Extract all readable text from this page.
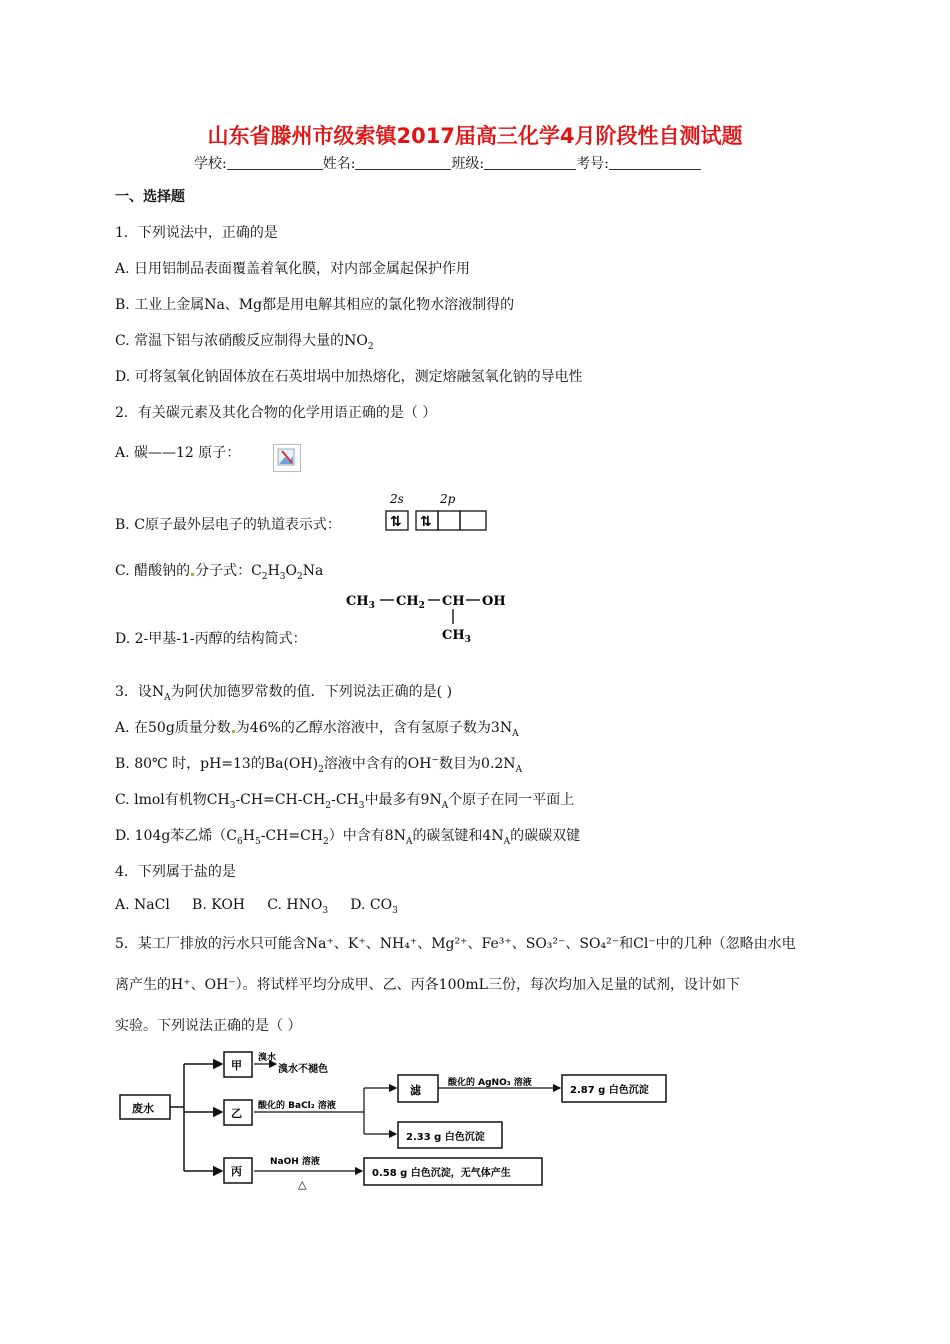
山东省滕州市级索镇2017届高三化学4月阶段性自测试题
学校:	姓名:	班级:	考号:
一、选择题
1．下列说法中，正确的是
A. 日用铝制品表面覆盖着氧化膜，对内部金属起保护作用
B. 工业上金属Na、Mg都是用电解其相应的氯化物水溶液制得的
C. 常温下铝与浓硝酸反应制得大量的$NO_2$
D. 可将氢氧化钠固体放在石英坩埚中加热熔化，测定熔融氢氧化钠的导电性
2．有关碳元素及其化合物的化学用语正确的是（ ）
A. 碳——12 原子：
B. C原子最外层电子的轨道表示式：
2s	2p
⇅ ⇅
C. 醋酸钠的 分子式：$C_2H_3O_2Na$
$CH_3$ $CH_2$ CH OH
$CH_3$
D. 2-甲基-1-丙醇的结构简式：
3．设$N_A$为阿伏加德罗常数的值．下列说法正确的是( )
A. 在50g质量分数 为46%的乙醇水溶液中，含有氢原子数为$3N_A$
B. 80℃ 时，pH=13的$Ba(OH)_2$溶液中含有的OH−数目为$0.2N_A$
C. lmol有机物$CH_3-CH=CH-CH_2-CH_3$中最多有$9N_A$个原子在同一平面上
D. 104g苯乙烯$(C_6H_5-CH=CH_2)$中含有$8N_A$的碳氢键和$4N_A$的碳碳双键
4．下列属于盐的是
A. NaCl     B. KOH     C. $HNO_3$     D. $CO_3$
5．某工厂排放的污水只可能含Na⁺、K⁺、NH₄⁺、Mg²⁺、Fe³⁺、SO₃²⁻、SO₄²⁻和Cl⁻中的几种（忽略由水电
离产生的H⁺、OH⁻）。将试样平均分成甲、乙、丙各100mL三份，每次均加入足量的试剂，设计如下
实验。下列说法正确的是（ ）
废水
甲
乙
丙
溴水
溴水不褪色
酸化的 BaCl₂ 溶液
滤
酸化的 AgNO₃ 溶液
2.87 g 白色沉淀
2.33 g 白色沉淀
NaOH 溶液
△
0.58 g 白色沉淀，无气体产生
